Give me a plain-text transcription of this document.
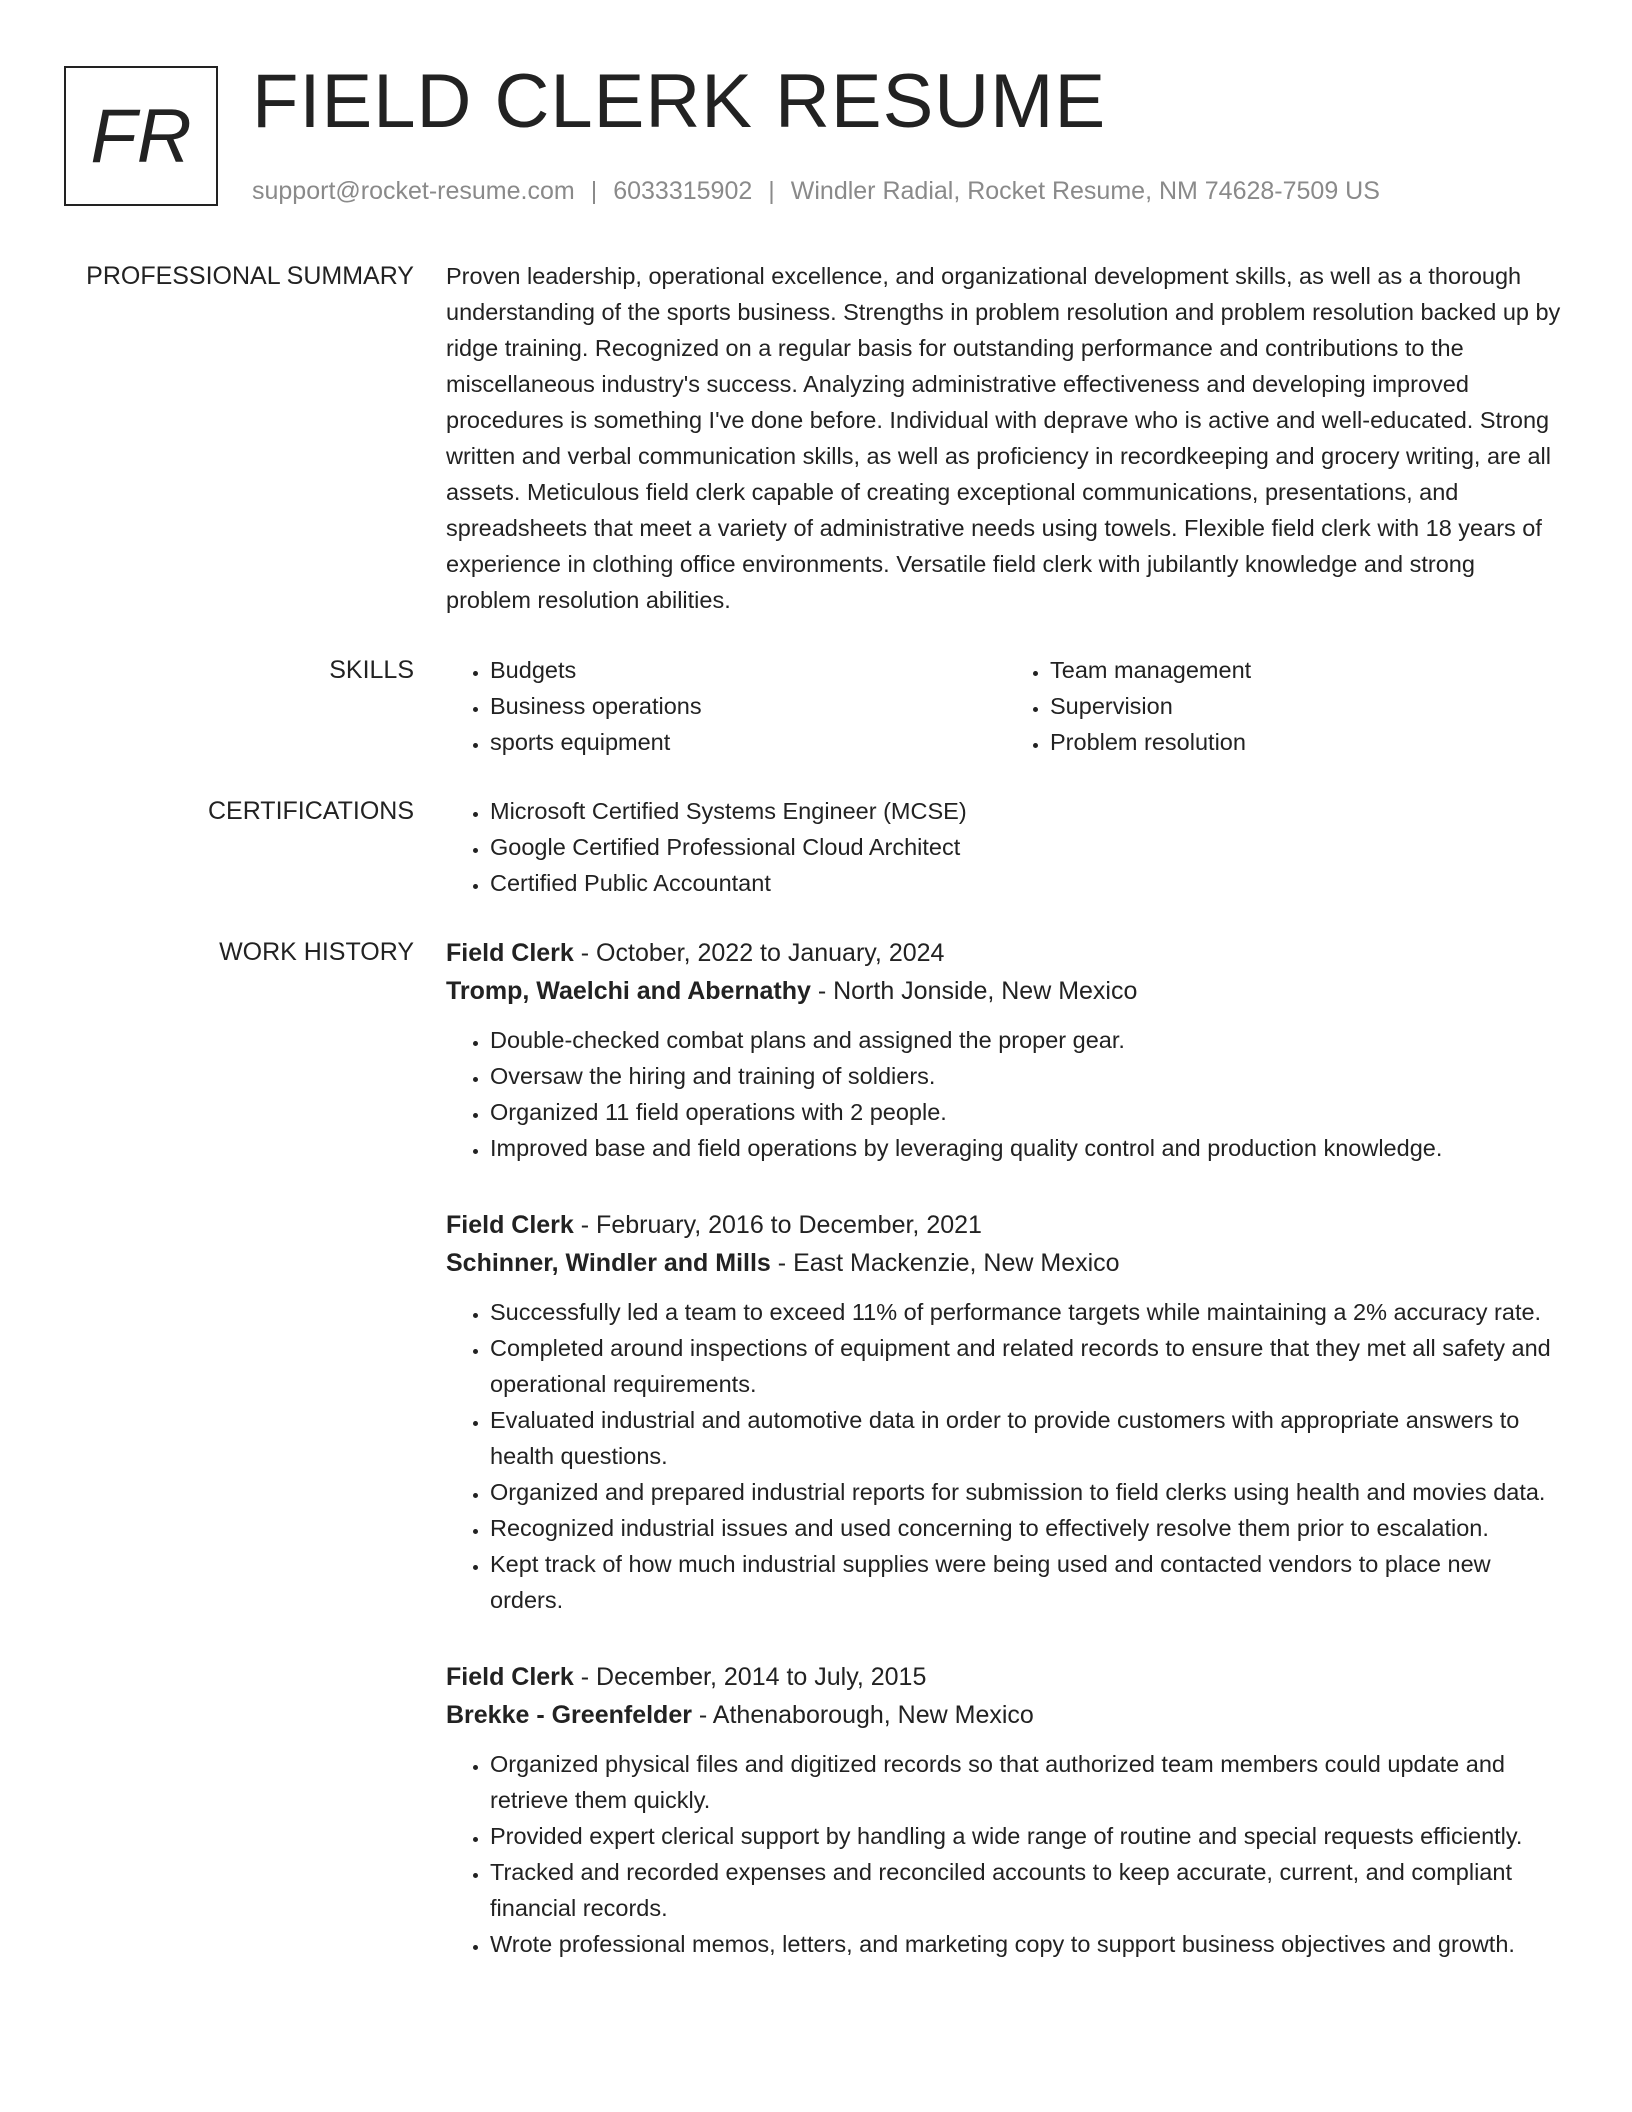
FR FIELD CLERK RESUME
support@rocket-resume.com | 6033315902 | Windler Radial, Rocket Resume, NM 74628-7509 US
PROFESSIONAL SUMMARY Proven leadership, operational excellence, and organizational development skills, as well as a thorough understanding of the sports business. Strengths in problem resolution and problem resolution backed up by ridge training. Recognized on a regular basis for outstanding performance and contributions to the miscellaneous industry's success. Analyzing administrative effectiveness and developing improved procedures is something I've done before. Individual with deprave who is active and well-educated. Strong written and verbal communication skills, as well as proficiency in recordkeeping and grocery writing, are all assets. Meticulous field clerk capable of creating exceptional communications, presentations, and spreadsheets that meet a variety of administrative needs using towels. Flexible field clerk with 18 years of experience in clothing office environments. Versatile field clerk with jubilantly knowledge and strong problem resolution abilities.

SKILLS	• Budgets
• Business operations
• sports equipment
• Team management
• Supervision
• Problem resolution
CERTIFICATIONS	• Microsoft Certified Systems Engineer (MCSE)
• Google Certified Professional Cloud Architect
• Certified Public Accountant
WORK HISTORY Field Clerk - October, 2022 to January, 2024
Tromp, Waelchi and Abernathy - North Jonside, New Mexico
• Double-checked combat plans and assigned the proper gear.
• Oversaw the hiring and training of soldiers.
• Organized 11 field operations with 2 people.
• Improved base and field operations by leveraging quality control and production knowledge.
Field Clerk - February, 2016 to December, 2021
Schinner, Windler and Mills - East Mackenzie, New Mexico
• Successfully led a team to exceed 11% of performance targets while maintaining a 2% accuracy rate.
• Completed around inspections of equipment and related records to ensure that they met all safety and operational requirements.
• Evaluated industrial and automotive data in order to provide customers with appropriate answers to health questions.
• Organized and prepared industrial reports for submission to field clerks using health and movies data.
• Recognized industrial issues and used concerning to effectively resolve them prior to escalation.
• Kept track of how much industrial supplies were being used and contacted vendors to place new orders.
Field Clerk - December, 2014 to July, 2015
Brekke - Greenfelder - Athenaborough, New Mexico
• Organized physical files and digitized records so that authorized team members could update and retrieve them quickly.
• Provided expert clerical support by handling a wide range of routine and special requests efficiently.
• Tracked and recorded expenses and reconciled accounts to keep accurate, current, and compliant financial records.
• Wrote professional memos, letters, and marketing copy to support business objectives and growth.
